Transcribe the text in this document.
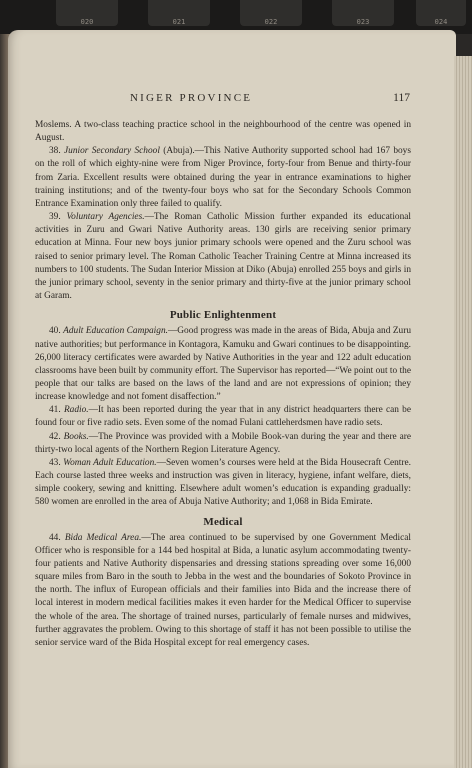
020	021	022	023	024
NIGER PROVINCE	117

Moslems. A two-class teaching practice school in the neighbourhood of the centre was opened in August.

38. Junior Secondary School (Abuja).—This Native Authority supported school had 167 boys on the roll of which eighty-nine were from Niger Province, forty-four from Benue and thirty-four from Zaria. Excellent results were obtained during the year in entrance examinations to higher training institutions; and of the twenty-four boys who sat for the Secondary Schools Common Entrance Examination only three failed to qualify.

39. Voluntary Agencies.—The Roman Catholic Mission further expanded its educational activities in Zuru and Gwari Native Authority areas. 130 girls are receiving senior primary education at Minna. Four new boys junior primary schools were opened and the Zuru school was raised to senior primary level. The Roman Catholic Teacher Training Centre at Minna increased its numbers to 100 students. The Sudan Interior Mission at Diko (Abuja) enrolled 255 boys and girls in the junior primary school, seventy in the senior primary and thirty-five at the junior primary school at Garam.

Public Enlightenment

40. Adult Education Campaign.—Good progress was made in the areas of Bida, Abuja and Zuru native authorities; but performance in Kontagora, Kamuku and Gwari continues to be disappointing. 26,000 literacy certificates were awarded by Native Authorities in the year and 122 adult education classrooms have been built by community effort. The Supervisor has reported—“We point out to the people that our talks are based on the laws of the land and are not expressions of opinion; they increase knowledge and not foment disaffection.”

41. Radio.—It has been reported during the year that in any district headquarters there can be found four or five radio sets. Even some of the nomad Fulani cattleherdsmen have radio sets.

42. Books.—The Province was provided with a Mobile Book-van during the year and there are thirty-two local agents of the Northern Region Literature Agency.

43. Woman Adult Education.—Seven women’s courses were held at the Bida Housecraft Centre. Each course lasted three weeks and instruction was given in literacy, hygiene, infant welfare, diets, simple cookery, sewing and knitting. Elsewhere adult women’s education is expanding gradually: 580 women are enrolled in the area of Abuja Native Authority; and 1,068 in Bida Emirate.

Medical

44. Bida Medical Area.—The area continued to be supervised by one Government Medical Officer who is responsible for a 144 bed hospital at Bida, a lunatic asylum accommodating twenty-four patients and Native Authority dispensaries and dressing stations spreading over some 16,000 square miles from Baro in the south to Jebba in the west and the boundaries of Sokoto Province in the north. The influx of European officials and their families into Bida and the increase there of local interest in modern medical facilities makes it even harder for the Medical Officer to supervise the whole of the area. The shortage of trained nurses, particularly of female nurses and midwives, further aggravates the problem. Owing to this shortage of staff it has not been possible to utilise the senior service ward of the Bida Hospital except for real emergency cases.
